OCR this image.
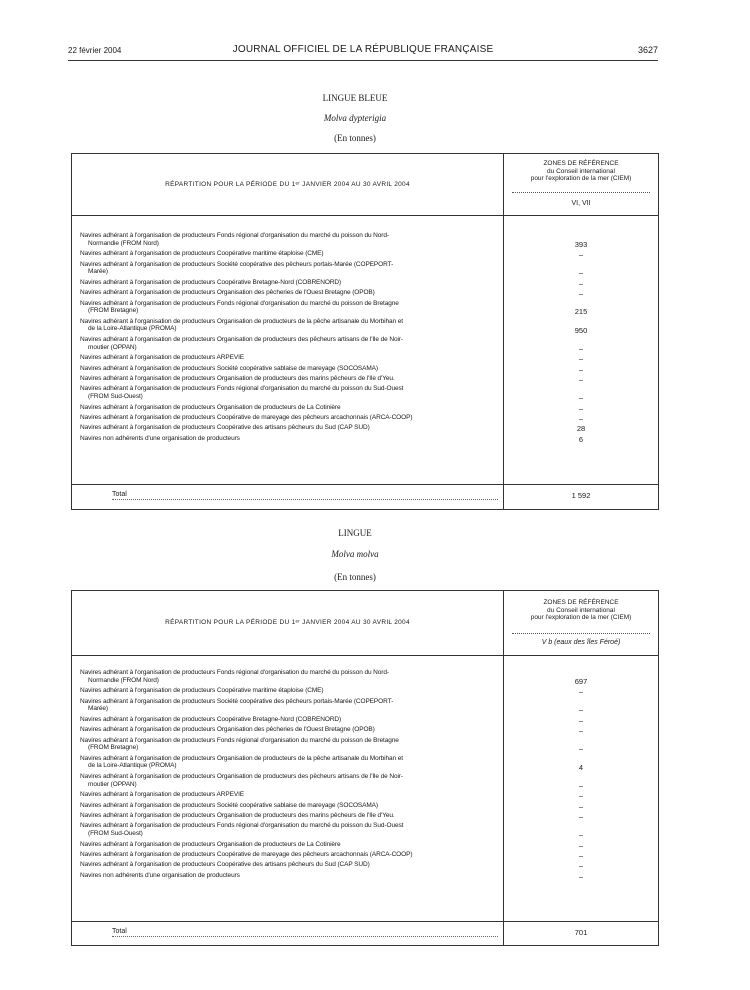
22 février 2004	JOURNAL OFFICIEL DE LA RÉPUBLIQUE FRANÇAISE	3627
LINGUE BLEUE
Molva dypterigia
(En tonnes)
RÉPARTITION POUR LA PÉRIODE DU 1ᵉʳ JANVIER 2004 AU 30 AVRIL 2004
ZONES DE RÉFÉRENCE
du Conseil international
pour l'exploration de la mer (CIEM)
VI, VII
Navires adhérant à l'organisation de producteurs Fonds régional d'organisation du marché du poisson du Nord-
Normandie (FROM Nord)	393
Navires adhérant à l'organisation de producteurs Coopérative maritime étaploise (CME)	–
Navires adhérant à l'organisation de producteurs Société coopérative des pêcheurs portais-Marée (COPEPORT-
Marée)	–
Navires adhérant à l'organisation de producteurs Coopérative Bretagne-Nord (COBRENORD)	–
Navires adhérant à l'organisation de producteurs Organisation des pêcheries de l'Ouest Bretagne (OPOB)	–
Navires adhérant à l'organisation de producteurs Fonds régional d'organisation du marché du poisson de Bretagne
(FROM Bretagne)	215
Navires adhérant à l'organisation de producteurs Organisation de producteurs de la pêche artisanale du Morbihan et
de la Loire-Atlantique (PROMA)	950
Navires adhérant à l'organisation de producteurs Organisation de producteurs des pêcheurs artisans de l'Ile de Noir-
moutier (OPPAN)	–
Navires adhérant à l'organisation de producteurs ARPEVIE	–
Navires adhérant à l'organisation de producteurs Société coopérative sablaise de mareyage (SOCOSAMA)	–
Navires adhérant à l'organisation de producteurs Organisation de producteurs des marins pêcheurs de l'Ile d'Yeu.	–
Navires adhérant à l'organisation de producteurs Fonds régional d'organisation du marché du poisson du Sud-Ouest
(FROM Sud-Ouest)	–
Navires adhérant à l'organisation de producteurs Organisation de producteurs de La Cotinière	–
Navires adhérant à l'organisation de producteurs Coopérative de mareyage des pêcheurs arcachonnais (ARCA-COOP)	–
Navires adhérant à l'organisation de producteurs Coopérative des artisans pêcheurs du Sud (CAP SUD)	28
Navires non adhérents d'une organisation de producteurs	6
Total	1 592
LINGUE
Molva molva
(En tonnes)
RÉPARTITION POUR LA PÉRIODE DU 1ᵉʳ JANVIER 2004 AU 30 AVRIL 2004
ZONES DE RÉFÉRENCE
du Conseil international
pour l'exploration de la mer (CIEM)
V b (eaux des îles Féroé)
Navires adhérant à l'organisation de producteurs Fonds régional d'organisation du marché du poisson du Nord-
Normandie (FROM Nord)	697
Navires adhérant à l'organisation de producteurs Coopérative maritime étaploise (CME)	–
Navires adhérant à l'organisation de producteurs Société coopérative des pêcheurs portais-Marée (COPEPORT-
Marée)	–
Navires adhérant à l'organisation de producteurs Coopérative Bretagne-Nord (COBRENORD)	–
Navires adhérant à l'organisation de producteurs Organisation des pêcheries de l'Ouest Bretagne (OPOB)	–
Navires adhérant à l'organisation de producteurs Fonds régional d'organisation du marché du poisson de Bretagne
(FROM Bretagne)	–
Navires adhérant à l'organisation de producteurs Organisation de producteurs de la pêche artisanale du Morbihan et
de la Loire-Atlantique (PROMA)	4
Navires adhérant à l'organisation de producteurs Organisation de producteurs des pêcheurs artisans de l'Ile de Noir-
moutier (OPPAN)	–
Navires adhérant à l'organisation de producteurs ARPEVIE	–
Navires adhérant à l'organisation de producteurs Société coopérative sablaise de mareyage (SOCOSAMA)	–
Navires adhérant à l'organisation de producteurs Organisation de producteurs des marins pêcheurs de l'Ile d'Yeu.	–
Navires adhérant à l'organisation de producteurs Fonds régional d'organisation du marché du poisson du Sud-Ouest
(FROM Sud-Ouest)	–
Navires adhérant à l'organisation de producteurs Organisation de producteurs de La Cotinière	–
Navires adhérant à l'organisation de producteurs Coopérative de mareyage des pêcheurs arcachonnais (ARCA-COOP)	–
Navires adhérant à l'organisation de producteurs Coopérative des artisans pêcheurs du Sud (CAP SUD)	–
Navires non adhérents d'une organisation de producteurs	–
Total	701
